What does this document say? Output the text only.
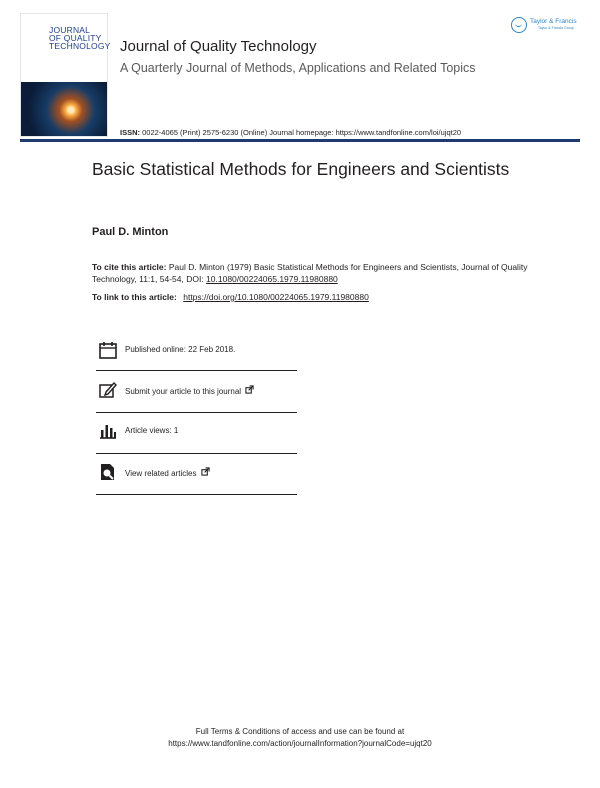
JOURNAL
OF QUALITY
TECHNOLOGY Journal of Quality Technology
A Quarterly Journal of Methods, Applications and Related Topics
Taylor & Francis
Taylor & Francis Group
ISSN: 0022-4065 (Print) 2575-6230 (Online) Journal homepage: https://www.tandfonline.com/loi/ujqt20
Basic Statistical Methods for Engineers and Scientists
Paul D. Minton
To cite this article: Paul D. Minton (1979) Basic Statistical Methods for Engineers and Scientists, Journal of Quality Technology, 11:1, 54-54, DOI: 10.1080/00224065.1979.11980880
To link to this article: https://doi.org/10.1080/00224065.1979.11980880
Published online: 22 Feb 2018.
Submit your article to this journal
Article views: 1
View related articles
Full Terms & Conditions of access and use can be found at
https://www.tandfonline.com/action/journalInformation?journalCode=ujqt20
